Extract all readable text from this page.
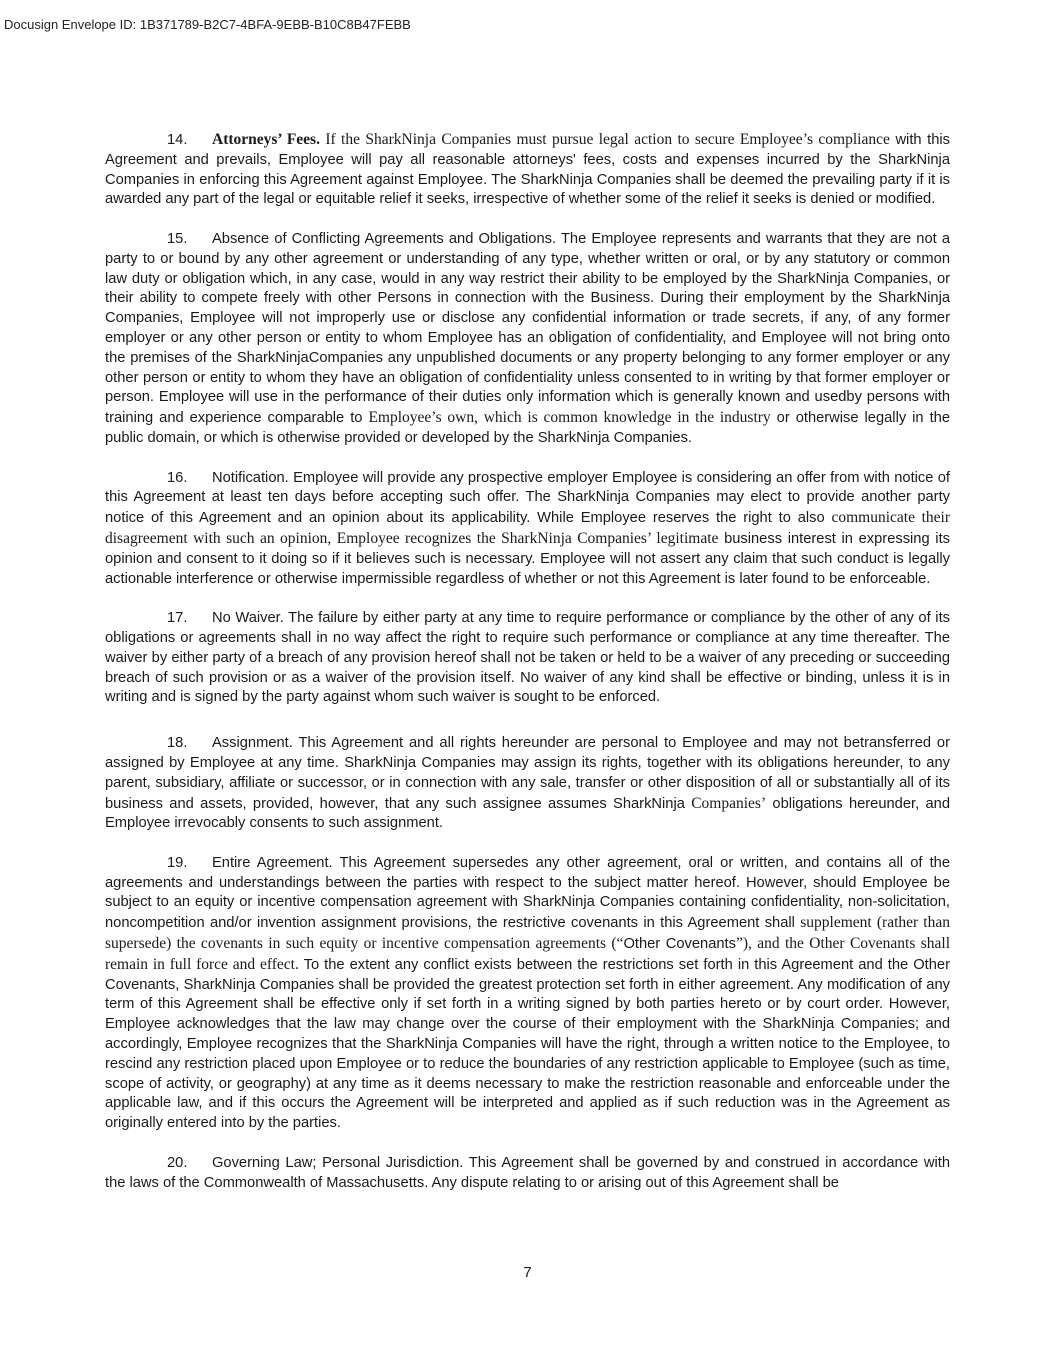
Docusign Envelope ID: 1B371789-B2C7-4BFA-9EBB-B10C8B47FEBB

14. Attorneys’ Fees. If the SharkNinja Companies must pursue legal action to secure Employee’s compliance with this Agreement and prevails, Employee will pay all reasonable attorneys' fees, costs and expenses incurred by the SharkNinja Companies in enforcing this Agreement against Employee. The SharkNinja Companies shall be deemed the prevailing party if it is awarded any part of the legal or equitable relief it seeks, irrespective of whether some of the relief it seeks is denied or modified.

15. Absence of Conflicting Agreements and Obligations. The Employee represents and warrants that they are not a party to or bound by any other agreement or understanding of any type, whether written or oral, or by any statutory or common law duty or obligation which, in any case, would in any way restrict their ability to be employed by the SharkNinja Companies, or their ability to compete freely with other Persons in connection with the Business. During their employment by the SharkNinja Companies, Employee will not improperly use or disclose any confidential information or trade secrets, if any, of any former employer or any other person or entity to whom Employee has an obligation of confidentiality, and Employee will not bring onto the premises of the SharkNinjaCompanies any unpublished documents or any property belonging to any former employer or any other person or entity to whom they have an obligation of confidentiality unless consented to in writing by that former employer or person. Employee will use in the performance of their duties only information which is generally known and usedby persons with training and experience comparable to Employee’s own, which is common knowledge in the industry or otherwise legally in the public domain, or which is otherwise provided or developed by the SharkNinja Companies.

16. Notification. Employee will provide any prospective employer Employee is considering an offer from with notice of this Agreement at least ten days before accepting such offer. The SharkNinja Companies may elect to provide another party notice of this Agreement and an opinion about its applicability. While Employee reserves the right to also communicate their disagreement with such an opinion, Employee recognizes the SharkNinja Companies’ legitimate business interest in expressing its opinion and consent to it doing so if it believes such is necessary. Employee will not assert any claim that such conduct is legally actionable interference or otherwise impermissible regardless of whether or not this Agreement is later found to be enforceable.

17. No Waiver. The failure by either party at any time to require performance or compliance by the other of any of its obligations or agreements shall in no way affect the right to require such performance or compliance at any time thereafter. The waiver by either party of a breach of any provision hereof shall not be taken or held to be a waiver of any preceding or succeeding breach of such provision or as a waiver of the provision itself. No waiver of any kind shall be effective or binding, unless it is in writing and is signed by the party against whom such waiver is sought to be enforced.

18. Assignment. This Agreement and all rights hereunder are personal to Employee and may not betransferred or assigned by Employee at any time. SharkNinja Companies may assign its rights, together with its obligations hereunder, to any parent, subsidiary, affiliate or successor, or in connection with any sale, transfer or other disposition of all or substantially all of its business and assets, provided, however, that any such assignee assumes SharkNinja Companies’ obligations hereunder, and Employee irrevocably consents to such assignment.

19. Entire Agreement. This Agreement supersedes any other agreement, oral or written, and contains all of the agreements and understandings between the parties with respect to the subject matter hereof. However, should Employee be subject to an equity or incentive compensation agreement with SharkNinja Companies containing confidentiality, non-solicitation, noncompetition and/or invention assignment provisions, the restrictive covenants in this Agreement shall supplement (rather than supersede) the covenants in such equity or incentive compensation agreements (“Other Covenants”), and the Other Covenants shall remain in full force and effect. To the extent any conflict exists between the restrictions set forth in this Agreement and the Other Covenants, SharkNinja Companies shall be provided the greatest protection set forth in either agreement. Any modification of any term of this Agreement shall be effective only if set forth in a writing signed by both parties hereto or by court order. However, Employee acknowledges that the law may change over the course of their employment with the SharkNinja Companies; and accordingly, Employee recognizes that the SharkNinja Companies will have the right, through a written notice to the Employee, to rescind any restriction placed upon Employee or to reduce the boundaries of any restriction applicable to Employee (such as time, scope of activity, or geography) at any time as it deems necessary to make the restriction reasonable and enforceable under the applicable law, and if this occurs the Agreement will be interpreted and applied as if such reduction was in the Agreement as originally entered into by the parties.

20. Governing Law; Personal Jurisdiction. This Agreement shall be governed by and construed in accordance with the laws of the Commonwealth of Massachusetts. Any dispute relating to or arising out of this Agreement shall be

7
